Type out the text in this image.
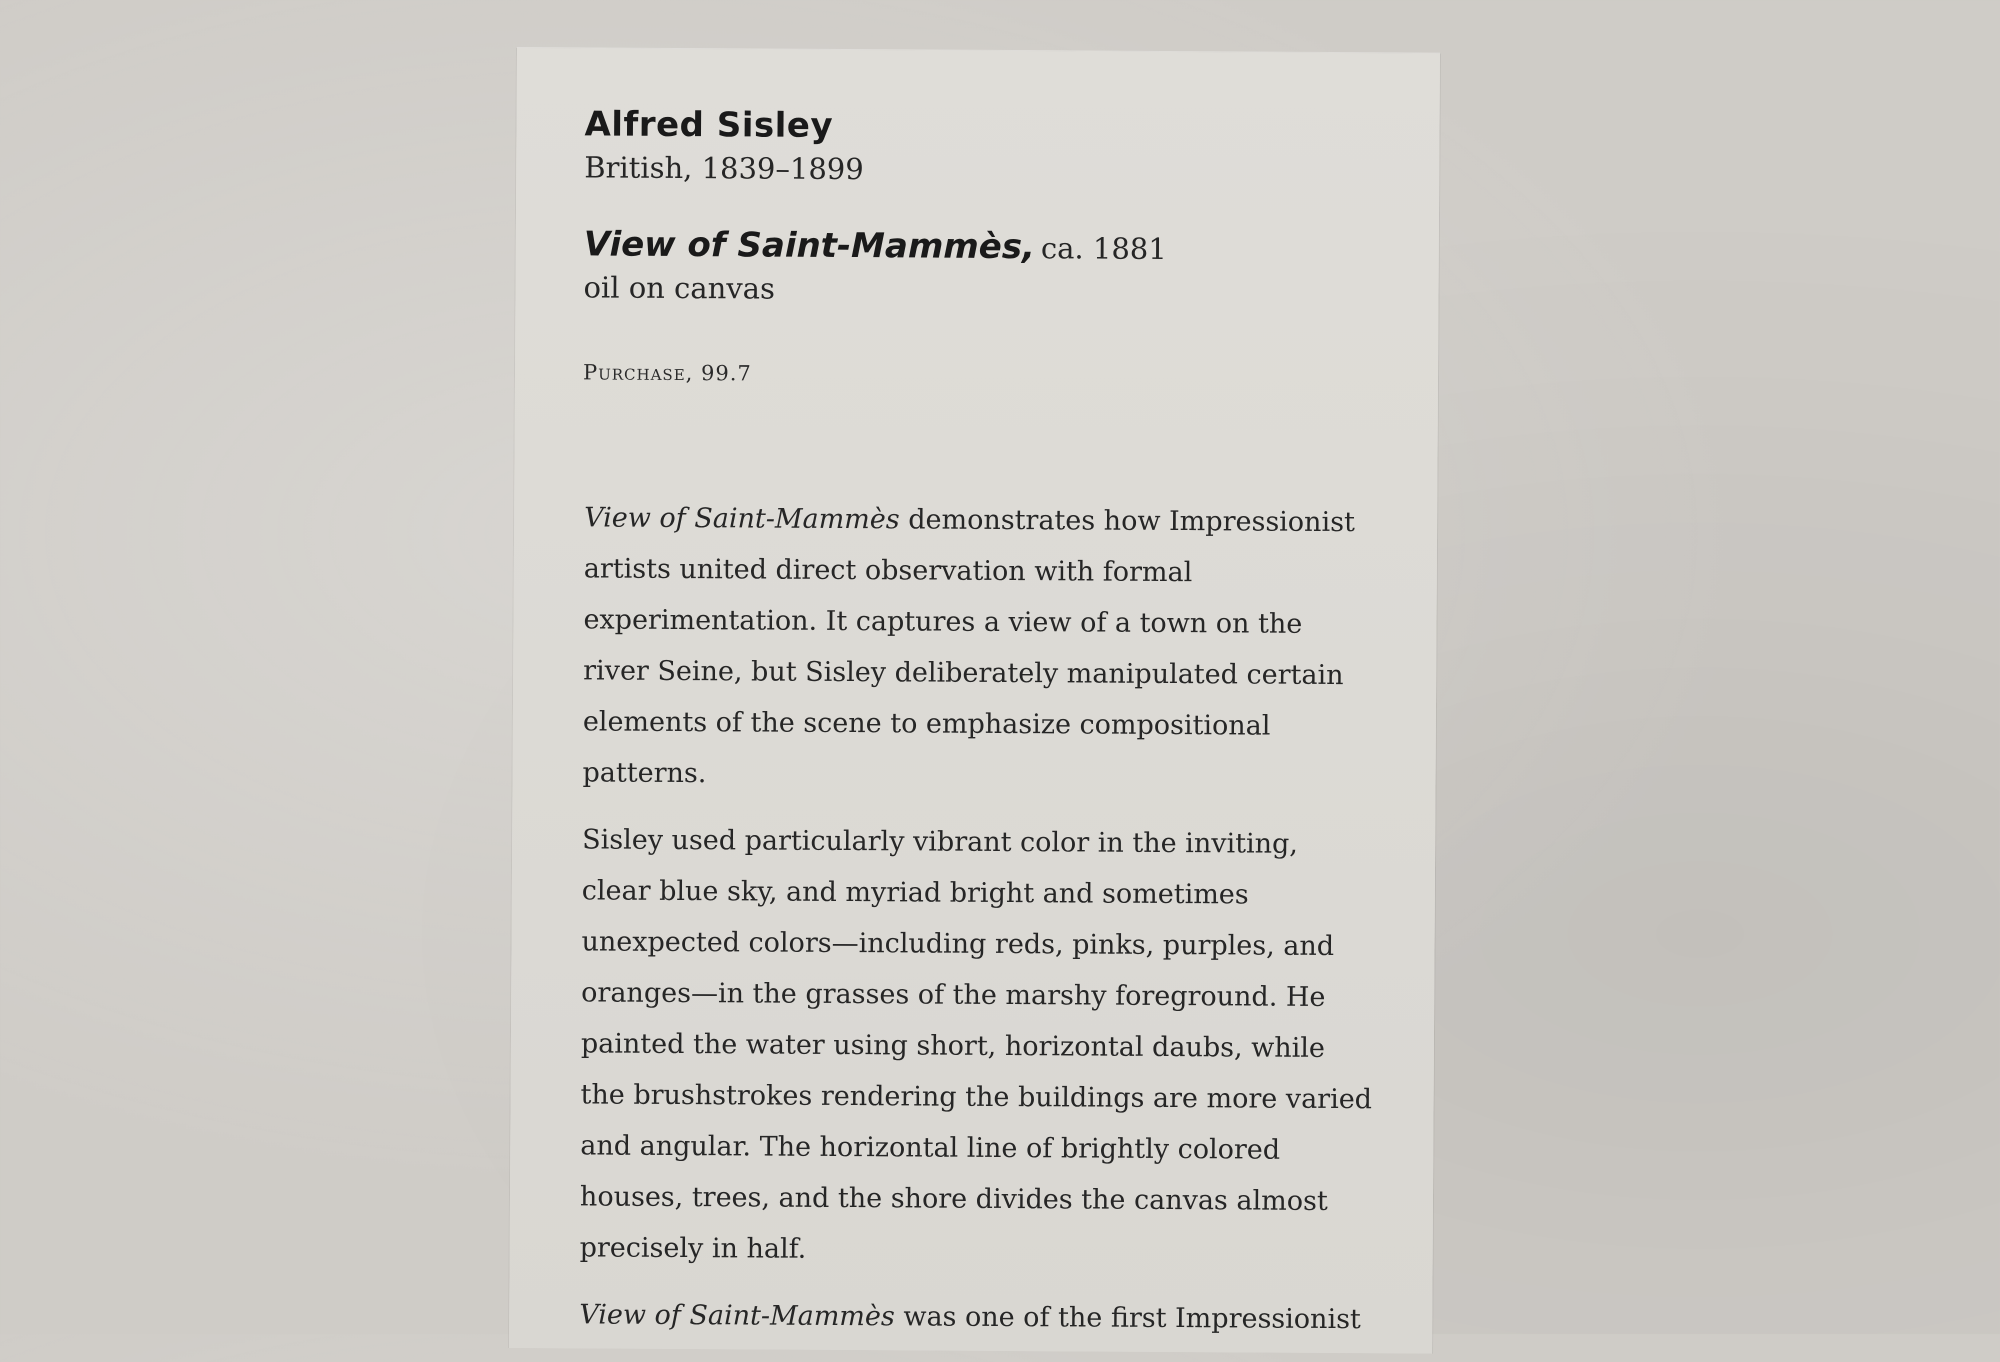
Alfred Sisley
British, 1839–1899
View of Saint-Mammès, ca. 1881
oil on canvas
Purchase, 99.7

View of Saint-Mammès demonstrates how Impressionist
artists united direct observation with formal
experimentation. It captures a view of a town on the
river Seine, but Sisley deliberately manipulated certain
elements of the scene to emphasize compositional
patterns.

Sisley used particularly vibrant color in the inviting,
clear blue sky, and myriad bright and sometimes
unexpected colors—including reds, pinks, purples, and
oranges—in the grasses of the marshy foreground. He
painted the water using short, horizontal daubs, while
the brushstrokes rendering the buildings are more varied
and angular. The horizontal line of brightly colored
houses, trees, and the shore divides the canvas almost
precisely in half.

View of Saint-Mammès was one of the first Impressionist
